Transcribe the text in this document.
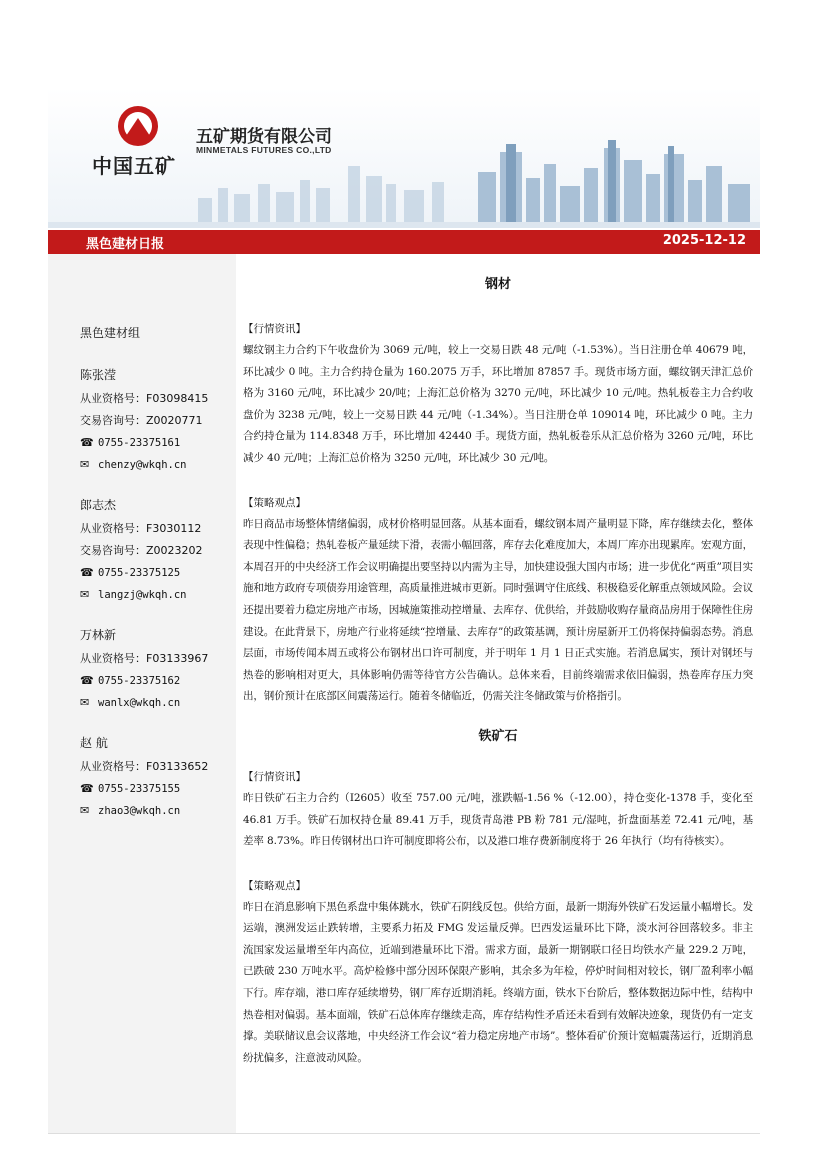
中国五矿
五矿期货有限公司
MINMETALS FUTURES CO.,LTD
黑色建材日报	2025-12-12
黑色建材组
陈张滢
从业资格号：F03098415
交易咨询号：Z0020771
☎ 0755-23375161
✉ chenzy@wkqh.cn
郎志杰
从业资格号：F3030112
交易咨询号：Z0023202
☎ 0755-23375125
✉ langzj@wkqh.cn
万林新
从业资格号：F03133967
☎ 0755-23375162
✉ wanlx@wkqh.cn
赵 航
从业资格号：F03133652
☎ 0755-23375155
✉ zhao3@wkqh.cn
钢材
【行情资讯】

螺纹钢主力合约下午收盘价为 3069 元/吨，较上一交易日跌 48 元/吨（-1.53%）。当日注册仓单 40679 吨，环比减少 0 吨。主力合约持仓量为 160.2075 万手，环比增加 87857 手。现货市场方面，螺纹钢天津汇总价格为 3160 元/吨，环比减少 20/吨；上海汇总价格为 3270 元/吨，环比减少 10 元/吨。热轧板卷主力合约收盘价为 3238 元/吨，较上一交易日跌 44 元/吨（-1.34%）。当日注册仓单 109014 吨，环比减少 0 吨。主力合约持仓量为 114.8348 万手，环比增加 42440 手。现货方面，热轧板卷乐从汇总价格为 3260 元/吨，环比减少 40 元/吨；上海汇总价格为 3250 元/吨，环比减少 30 元/吨。

【策略观点】

昨日商品市场整体情绪偏弱，成材价格明显回落。从基本面看，螺纹钢本周产量明显下降，库存继续去化，整体表现中性偏稳；热轧卷板产量延续下滑，表需小幅回落，库存去化难度加大，本周厂库亦出现累库。宏观方面，本周召开的中央经济工作会议明确提出要坚持以内需为主导，加快建设强大国内市场；进一步优化“两重”项目实施和地方政府专项债券用途管理，高质量推进城市更新。同时强调守住底线、积极稳妥化解重点领域风险。会议还提出要着力稳定房地产市场，因城施策推动控增量、去库存、优供给，并鼓励收购存量商品房用于保障性住房建设。在此背景下，房地产行业将延续“控增量、去库存”的政策基调，预计房屋新开工仍将保持偏弱态势。消息层面，市场传闻本周五或将公布钢材出口许可制度，并于明年 1 月 1 日正式实施。若消息属实，预计对钢坯与热卷的影响相对更大，具体影响仍需等待官方公告确认。总体来看，目前终端需求依旧偏弱，热卷库存压力突出，钢价预计在底部区间震荡运行。随着冬储临近，仍需关注冬储政策与价格指引。

铁矿石
【行情资讯】

昨日铁矿石主力合约（I2605）收至 757.00 元/吨，涨跌幅-1.56 %（-12.00），持仓变化-1378 手，变化至 46.81 万手。铁矿石加权持仓量 89.41 万手，现货青岛港 PB 粉 781 元/湿吨，折盘面基差 72.41 元/吨，基差率 8.73%。昨日传钢材出口许可制度即将公布，以及港口堆存费新制度将于 26 年执行（均有待核实）。

【策略观点】

昨日在消息影响下黑色系盘中集体跳水，铁矿石阴线反包。供给方面，最新一期海外铁矿石发运量小幅增长。发运端，澳洲发运止跌转增，主要系力拓及 FMG 发运量反弹。巴西发运量环比下降，淡水河谷回落较多。非主流国家发运量增至年内高位，近端到港量环比下滑。需求方面，最新一期钢联口径日均铁水产量 229.2 万吨，已跌破 230 万吨水平。高炉检修中部分因环保限产影响，其余多为年检，停炉时间相对较长，钢厂盈利率小幅下行。库存端，港口库存延续增势，钢厂库存近期消耗。终端方面，铁水下台阶后，整体数据边际中性，结构中热卷相对偏弱。基本面端，铁矿石总体库存继续走高，库存结构性矛盾还未看到有效解决迹象，现货仍有一定支撑。美联储议息会议落地，中央经济工作会议“着力稳定房地产市场”。整体看矿价预计宽幅震荡运行，近期消息纷扰偏多，注意波动风险。
